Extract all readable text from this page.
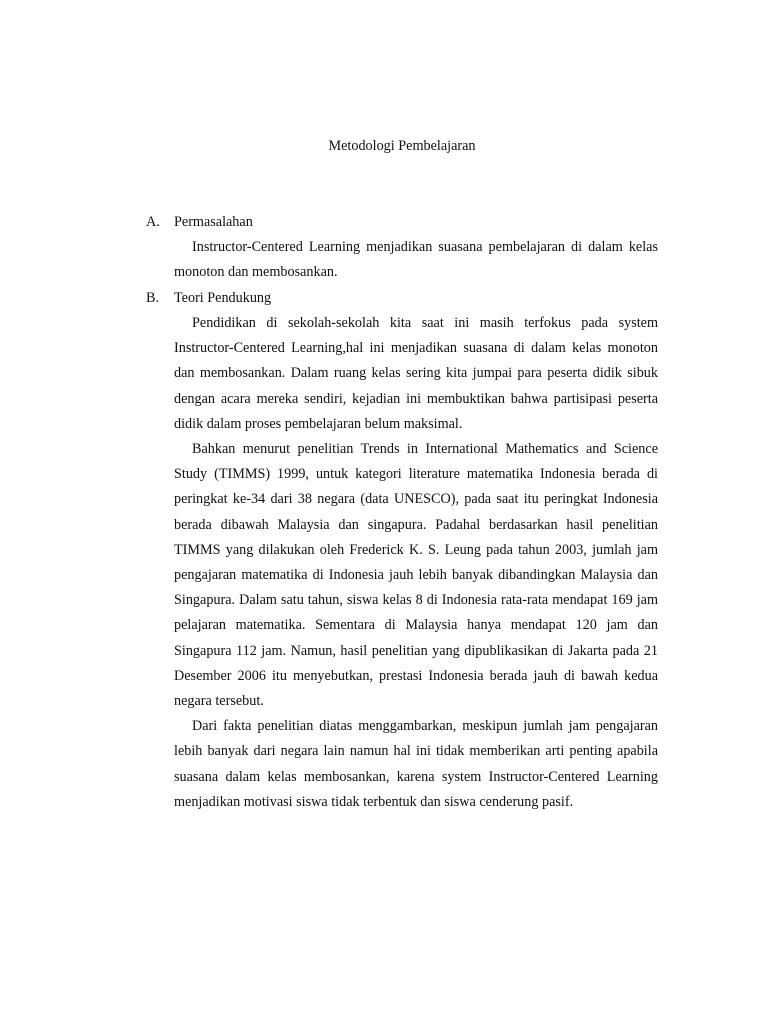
Metodologi Pembelajaran
A. Permasalahan

Instructor-Centered Learning menjadikan suasana pembelajaran di dalam kelas monoton dan membosankan.

B. Teori Pendukung

Pendidikan di sekolah-sekolah kita saat ini masih terfokus pada system Instructor-Centered Learning,hal ini menjadikan suasana di dalam kelas monoton dan membosankan. Dalam ruang kelas sering kita jumpai para peserta didik sibuk dengan acara mereka sendiri, kejadian ini membuktikan bahwa partisipasi peserta didik dalam proses pembelajaran belum maksimal.

Bahkan menurut penelitian Trends in International Mathematics and Science Study (TIMMS) 1999, untuk kategori literature matematika Indonesia berada di peringkat ke-34 dari 38 negara (data UNESCO), pada saat itu peringkat Indonesia berada dibawah Malaysia dan singapura. Padahal berdasarkan hasil penelitian TIMMS yang dilakukan oleh Frederick K. S. Leung pada tahun 2003, jumlah jam pengajaran matematika di Indonesia jauh lebih banyak dibandingkan Malaysia dan Singapura. Dalam satu tahun, siswa kelas 8 di Indonesia rata-rata mendapat 169 jam pelajaran matematika. Sementara di Malaysia hanya mendapat 120 jam dan Singapura 112 jam. Namun, hasil penelitian yang dipublikasikan di Jakarta pada 21 Desember 2006 itu menyebutkan, prestasi Indonesia berada jauh di bawah kedua negara tersebut.

Dari fakta penelitian diatas menggambarkan, meskipun jumlah jam pengajaran lebih banyak dari negara lain namun hal ini tidak memberikan arti penting apabila suasana dalam kelas membosankan, karena system Instructor-Centered Learning menjadikan motivasi siswa tidak terbentuk dan siswa cenderung pasif.
